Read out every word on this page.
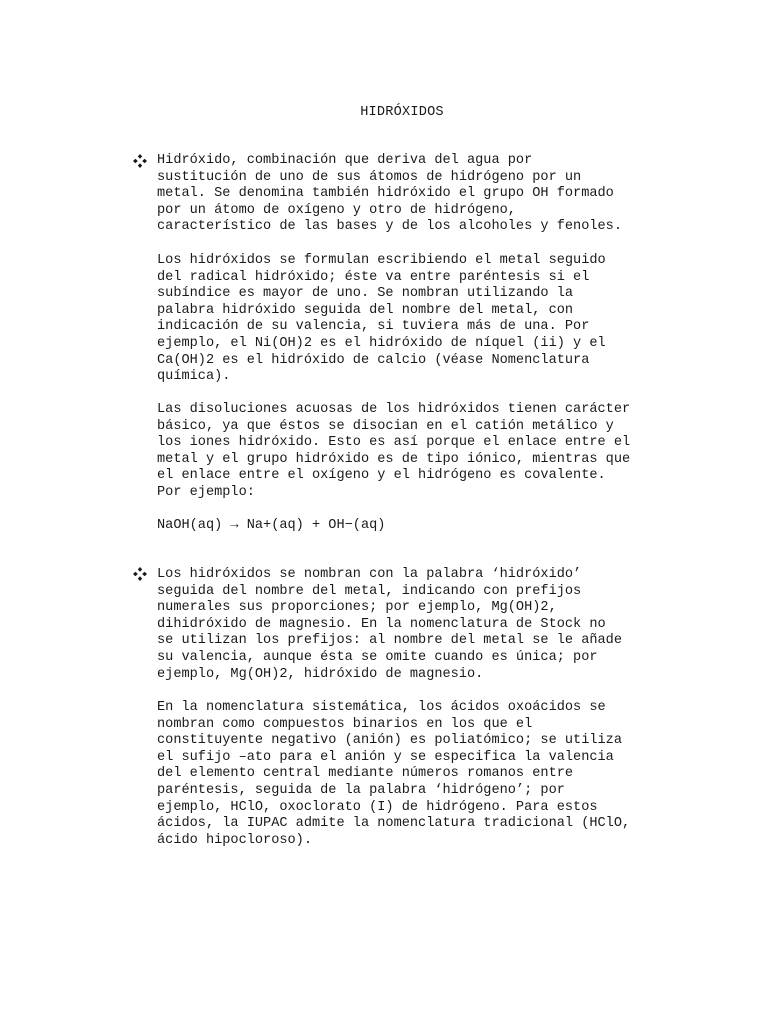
HIDRÓXIDOS

Hidróxido, combinación que deriva del agua por
sustitución de uno de sus átomos de hidrógeno por un
metal. Se denomina también hidróxido el grupo OH formado
por un átomo de oxígeno y otro de hidrógeno,
característico de las bases y de los alcoholes y fenoles.

Los hidróxidos se formulan escribiendo el metal seguido
del radical hidróxido; éste va entre paréntesis si el
subíndice es mayor de uno. Se nombran utilizando la
palabra hidróxido seguida del nombre del metal, con
indicación de su valencia, si tuviera más de una. Por
ejemplo, el Ni(OH)2 es el hidróxido de níquel (ii) y el
Ca(OH)2 es el hidróxido de calcio (véase Nomenclatura
química).

Las disoluciones acuosas de los hidróxidos tienen carácter
básico, ya que éstos se disocian en el catión metálico y
los iones hidróxido. Esto es así porque el enlace entre el
metal y el grupo hidróxido es de tipo iónico, mientras que
el enlace entre el oxígeno y el hidrógeno es covalente.
Por ejemplo:

NaOH(aq) → Na+(aq) + OH−(aq)

Los hidróxidos se nombran con la palabra ‘hidróxido’
seguida del nombre del metal, indicando con prefijos
numerales sus proporciones; por ejemplo, Mg(OH)2,
dihidróxido de magnesio. En la nomenclatura de Stock no
se utilizan los prefijos: al nombre del metal se le añade
su valencia, aunque ésta se omite cuando es única; por
ejemplo, Mg(OH)2, hidróxido de magnesio.

En la nomenclatura sistemática, los ácidos oxoácidos se
nombran como compuestos binarios en los que el
constituyente negativo (anión) es poliatómico; se utiliza
el sufijo –ato para el anión y se especifica la valencia
del elemento central mediante números romanos entre
paréntesis, seguida de la palabra ‘hidrógeno’; por
ejemplo, HClO, oxoclorato (I) de hidrógeno. Para estos
ácidos, la IUPAC admite la nomenclatura tradicional (HClO,
ácido hipocloroso).
